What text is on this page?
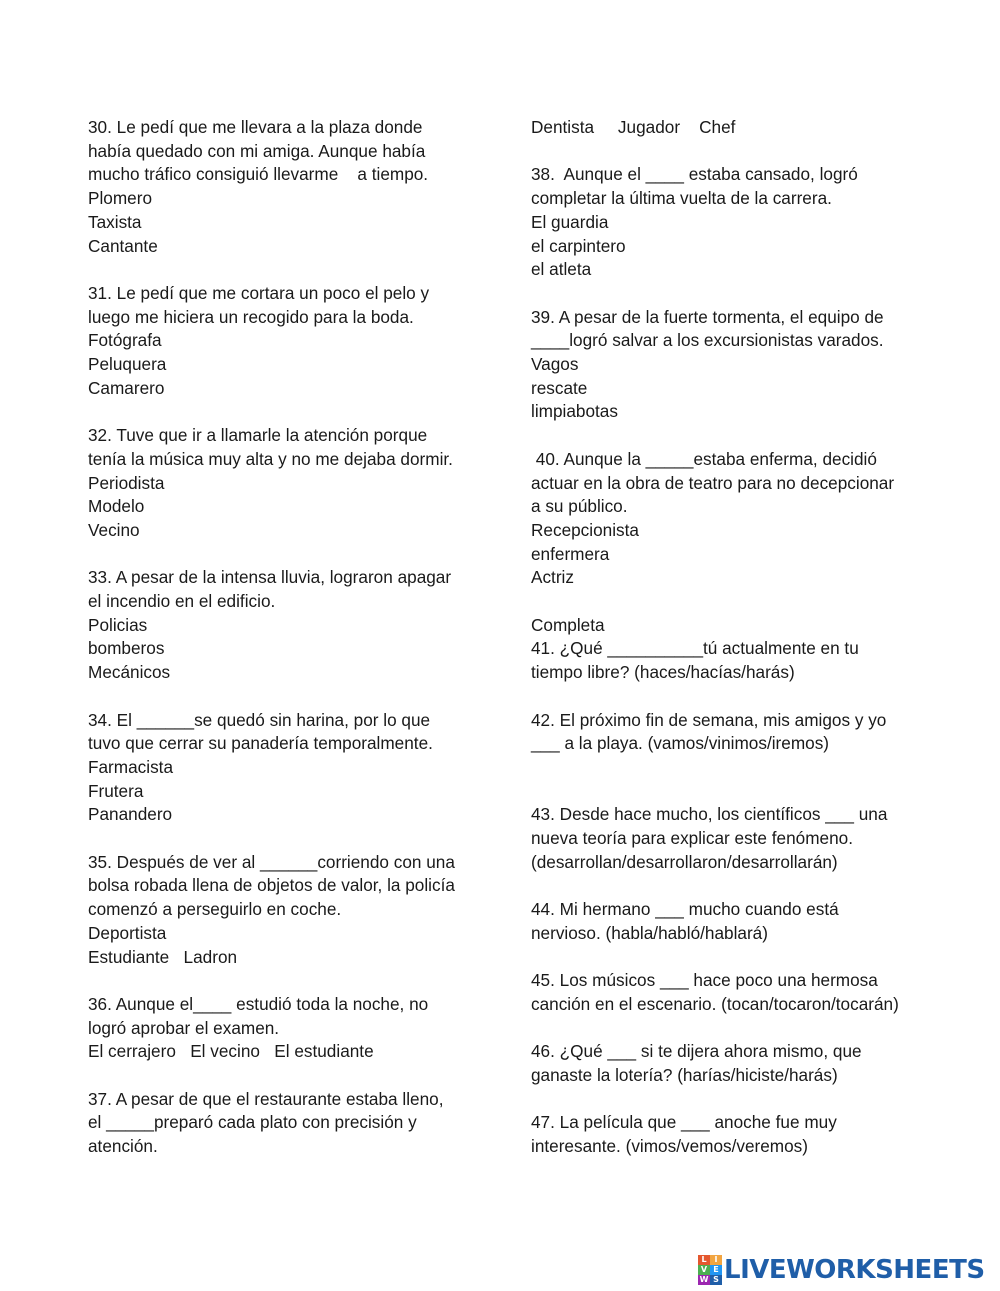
30. Le pedí que me llevara a la plaza donde
había quedado con mi amiga. Aunque había
mucho tráfico consiguió llevarme    a tiempo.
Plomero
Taxista
Cantante
31. Le pedí que me cortara un poco el pelo y
luego me hiciera un recogido para la boda.
Fotógrafa
Peluquera
Camarero
32. Tuve que ir a llamarle la atención porque
tenía la música muy alta y no me dejaba dormir.
Periodista
Modelo
Vecino
33. A pesar de la intensa lluvia, lograron apagar
el incendio en el edificio.
Policias
bomberos
Mecánicos
34. El ______se quedó sin harina, por lo que
tuvo que cerrar su panadería temporalmente.
Farmacista
Frutera
Panandero
35. Después de ver al ______corriendo con una
bolsa robada llena de objetos de valor, la policía
comenzó a perseguirlo en coche.
Deportista
Estudiante   Ladron
36. Aunque el____ estudió toda la noche, no
logró aprobar el examen.
El cerrajero   El vecino   El estudiante
37. A pesar de que el restaurante estaba lleno,
el _____preparó cada plato con precisión y
atención.
Dentista     Jugador    Chef
38.  Aunque el ____ estaba cansado, logró
completar la última vuelta de la carrera.
El guardia
el carpintero
el atleta
39. A pesar de la fuerte tormenta, el equipo de
____logró salvar a los excursionistas varados.
Vagos
rescate
limpiabotas
40. Aunque la _____estaba enferma, decidió
actuar en la obra de teatro para no decepcionar
a su público.
Recepcionista
enfermera
Actriz
Completa
41. ¿Qué __________tú actualmente en tu
tiempo libre? (haces/hacías/harás)
42. El próximo fin de semana, mis amigos y yo
___ a la playa. (vamos/vinimos/iremos)
43. Desde hace mucho, los científicos ___ una
nueva teoría para explicar este fenómeno.
(desarrollan/desarrollaron/desarrollarán)
44. Mi hermano ___ mucho cuando está
nervioso. (habla/habló/hablará)
45. Los músicos ___ hace poco una hermosa
canción en el escenario. (tocan/tocaron/tocarán)
46. ¿Qué ___ si te dijera ahora mismo, que
ganaste la lotería? (harías/hiciste/harás)
47. La película que ___ anoche fue muy
interesante. (vimos/vemos/veremos)
L I
V E
W S LIVEWORKSHEETS
